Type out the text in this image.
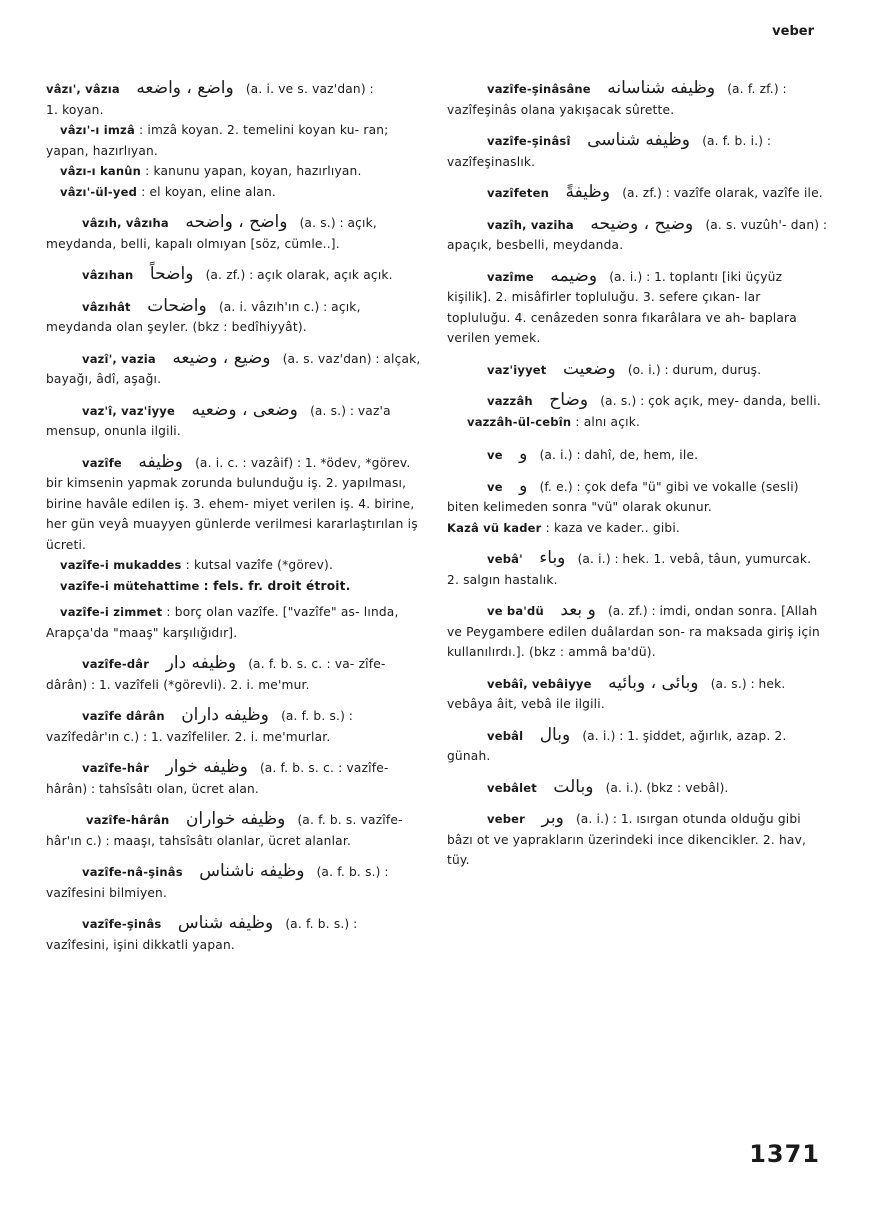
veber

vâzı', vâzıa   واضع ، واضعه  (a. i. ve s. vaz'dan) :

1. koyan.

vâzı'-ı imzâ : imzâ koyan. 2. temelini koyan ku- ran; yapan, hazırlıyan.

vâzı-ı kanûn : kanunu yapan, koyan, hazırlıyan.

vâzı'-ül-yed : el koyan, eline alan.

vâzıh, vâzıha   واضح ، واضحه  (a. s.) : açık, meydanda, belli, kapalı olmıyan [söz, cümle..].

vâzıhan   واضحاً  (a. zf.) : açık olarak, açık açık.

vâzıhât   واضحات  (a. i. vâzıh'ın c.) : açık, meydanda olan şeyler. (bkz : bedîhiyyât).

vazî', vazia   وضيع ، وضيعه  (a. s. vaz'dan) : alçak, bayağı, âdî, aşağı.

vaz'î, vaz'iyye   وضعى ، وضعيه  (a. s.) : vaz'a mensup, onunla ilgili.

vazîfe   وظيفه  (a. i. c. : vazâif) : 1. *ödev, *görev. bir kimsenin yapmak zorunda bulunduğu iş. 2. yapılması, birine havâle edilen iş. 3. ehem- miyet verilen iş. 4. birine, her gün veyâ muayyen günlerde verilmesi kararlaştırılan iş ücreti.

vazîfe-i mukaddes : kutsal vazîfe (*görev).

vazîfe-i mütehattime : fels. fr. droit étroit.

vazîfe-i zimmet : borç olan vazîfe. ["vazîfe" as- lında, Arapça'da "maaş" karşılığıdır].

vazîfe-dâr   وظيفه دار  (a. f. b. s. c. : va- zîfe-dârân) : 1. vazîfeli (*görevli). 2. i. me'mur.

vazîfe dârân   وظيفه داران  (a. f. b. s.) : vazîfedâr'ın c.) : 1. vazîfeliler. 2. i. me'murlar.

vazîfe-hâr   وظيفه خوار  (a. f. b. s. c. : vazîfe-hârân) : tahsîsâtı olan, ücret alan.

vazîfe-hârân   وظيفه خواران  (a. f. b. s. vazîfe-hâr'ın c.) : maaşı, tahsîsâtı olanlar, ücret alanlar.

vazîfe-nâ-şinâs   وظيفه ناشناس  (a. f. b. s.) : vazîfesini bilmiyen.

vazîfe-şinâs   وظيفه شناس  (a. f. b. s.) : vazîfesini, işini dikkatli yapan.

vazîfe-şinâsâne   وظيفه شناسانه  (a. f. zf.) : vazîfeşinâs olana yakışacak sûrette.

vazîfe-şinâsî   وظيفه شناسى  (a. f. b. i.) : vazîfeşinaslık.

vazîfeten   وظيفةً  (a. zf.) : vazîfe olarak, vazîfe ile.

vazîh, vaziha   وضيح ، وضيحه  (a. s. vuzûh'- dan) : apaçık, besbelli, meydanda.

vazîme   وضيمه  (a. i.) : 1. toplantı [iki üçyüz kişilik]. 2. misâfirler topluluğu. 3. sefere çıkan- lar topluluğu. 4. cenâzeden sonra fıkarâlara ve ah- baplara verilen yemek.

vaz'iyyet   وضعيت  (o. i.) : durum, duruş.

vazzâh   وضاح  (a. s.) : çok açık, mey- danda, belli.

vazzâh-ül-cebîn : alnı açık.

ve   و  (a. i.) : dahî, de, hem, ile.

ve   و  (f. e.) : çok defa "ü" gibi ve vokalle (sesli) biten kelimeden sonra "vü" olarak okunur.

Kazâ vü kader : kaza ve kader.. gibi.

vebâ'   وباء  (a. i.) : hek. 1. vebâ, tâun, yumurcak. 2. salgın hastalık.

ve ba'dü   و بعد  (a. zf.) : imdi, ondan sonra. [Allah ve Peygambere edilen duâlardan son- ra maksada giriş için kullanılırdı.]. (bkz : ammâ ba'dü).

vebâî, vebâiyye   وبائى ، وبائيه  (a. s.) : hek. vebâya âit, vebâ ile ilgili.

vebâl   وبال  (a. i.) : 1. şiddet, ağırlık, azap. 2. günah.

vebâlet   وبالت  (a. i.). (bkz : vebâl).

veber   وبر  (a. i.) : 1. ısırgan otunda olduğu gibi bâzı ot ve yaprakların üzerindeki ince dikencikler. 2. hav, tüy.

1371
